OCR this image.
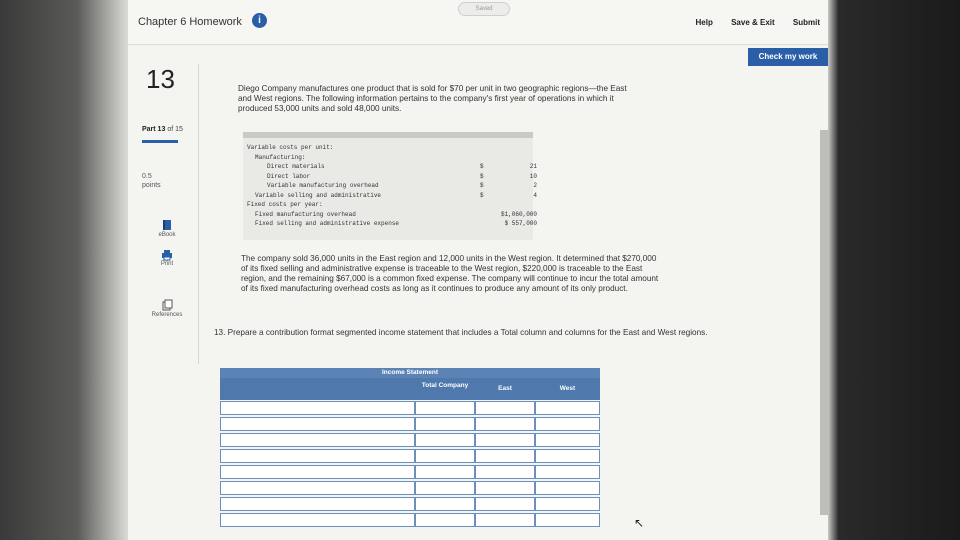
Chapter 6 Homework	i
Saved
Help Save & Exit Submit
Check my work
13
Part 13 of 15
0.5
points
eBook
Print
References
Diego Company manufactures one product that is sold for $70 per unit in two geographic regions—the East and West regions. The following information pertains to the company's first year of operations in which it produced 53,000 units and sold 48,000 units.
Variable costs per unit:
Manufacturing:
Direct materials	$	21
Direct labor	$	10
Variable manufacturing overhead	$	2
Variable selling and administrative	$	4
Fixed costs per year:
Fixed manufacturing overhead	$1,060,000
Fixed selling and administrative expense	$ 557,000
The company sold 36,000 units in the East region and 12,000 units in the West region. It determined that $270,000 of its fixed selling and administrative expense is traceable to the West region, $220,000 is traceable to the East region, and the remaining $67,000 is a common fixed expense. The company will continue to incur the total amount of its fixed manufacturing overhead costs as long as it continues to produce any amount of its only product.
13. Prepare a contribution format segmented income statement that includes a Total column and columns for the East and West regions.
Income Statement
Total Company	East	West
↖
